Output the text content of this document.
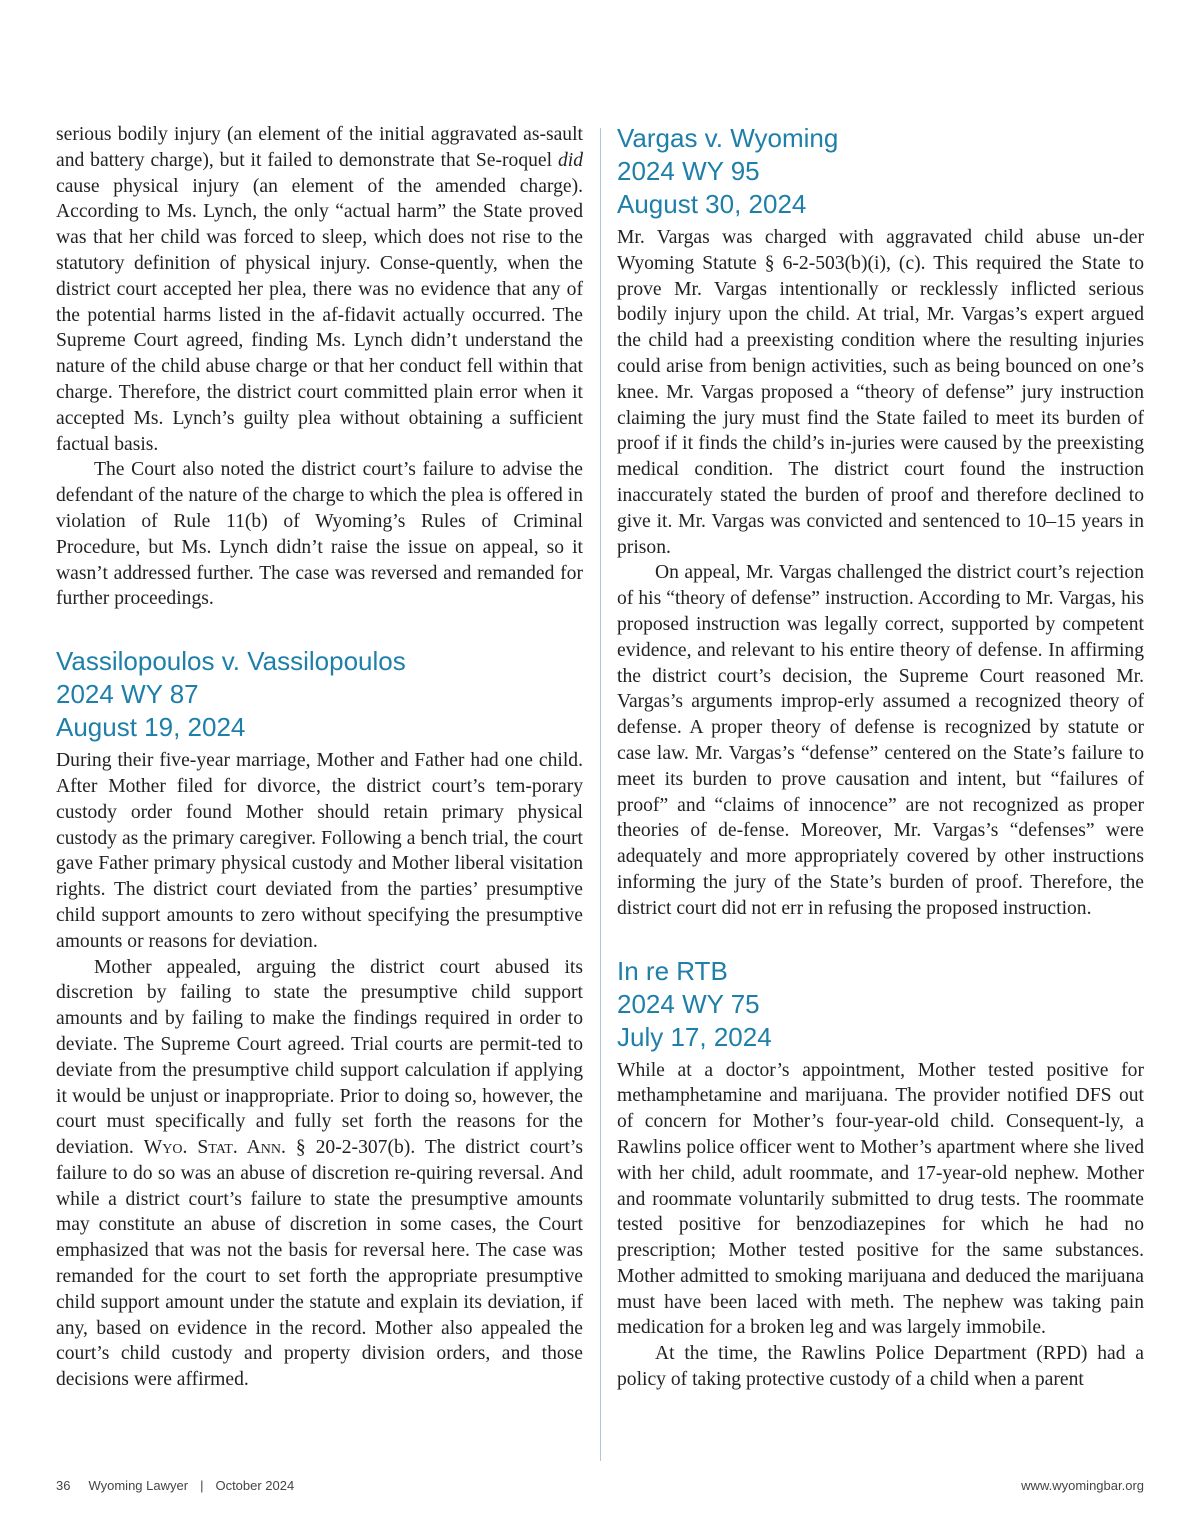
serious bodily injury (an element of the initial aggravated as-sault and battery charge), but it failed to demonstrate that Se-roquel did cause physical injury (an element of the amended charge). According to Ms. Lynch, the only “actual harm” the State proved was that her child was forced to sleep, which does not rise to the statutory definition of physical injury. Conse-quently, when the district court accepted her plea, there was no evidence that any of the potential harms listed in the af-fidavit actually occurred. The Supreme Court agreed, finding Ms. Lynch didn’t understand the nature of the child abuse charge or that her conduct fell within that charge. Therefore, the district court committed plain error when it accepted Ms. Lynch’s guilty plea without obtaining a sufficient factual basis.

The Court also noted the district court’s failure to advise the defendant of the nature of the charge to which the plea is offered in violation of Rule 11(b) of Wyoming’s Rules of Criminal Procedure, but Ms. Lynch didn’t raise the issue on appeal, so it wasn’t addressed further. The case was reversed and remanded for further proceedings.

Vassilopoulos v. Vassilopoulos
2024 WY 87
August 19, 2024

During their five-year marriage, Mother and Father had one child. After Mother filed for divorce, the district court’s tem-porary custody order found Mother should retain primary physical custody as the primary caregiver. Following a bench trial, the court gave Father primary physical custody and Mother liberal visitation rights. The district court deviated from the parties’ presumptive child support amounts to zero without specifying the presumptive amounts or reasons for deviation.

Mother appealed, arguing the district court abused its discretion by failing to state the presumptive child support amounts and by failing to make the findings required in order to deviate. The Supreme Court agreed. Trial courts are permit-ted to deviate from the presumptive child support calculation if applying it would be unjust or inappropriate. Prior to doing so, however, the court must specifically and fully set forth the reasons for the deviation. Wyo. Stat. Ann. § 20-2-307(b). The district court’s failure to do so was an abuse of discretion re-quiring reversal. And while a district court’s failure to state the presumptive amounts may constitute an abuse of discretion in some cases, the Court emphasized that was not the basis for reversal here. The case was remanded for the court to set forth the appropriate presumptive child support amount under the statute and explain its deviation, if any, based on evidence in the record. Mother also appealed the court’s child custody and property division orders, and those decisions were affirmed.

Vargas v. Wyoming
2024 WY 95
August 30, 2024

Mr. Vargas was charged with aggravated child abuse un-der Wyoming Statute § 6-2-503(b)(i), (c). This required the State to prove Mr. Vargas intentionally or recklessly inflicted serious bodily injury upon the child. At trial, Mr. Vargas’s expert argued the child had a preexisting condition where the resulting injuries could arise from benign activities, such as being bounced on one’s knee. Mr. Vargas proposed a “theory of defense” jury instruction claiming the jury must find the State failed to meet its burden of proof if it finds the child’s in-juries were caused by the preexisting medical condition. The district court found the instruction inaccurately stated the burden of proof and therefore declined to give it. Mr. Vargas was convicted and sentenced to 10–15 years in prison.

On appeal, Mr. Vargas challenged the district court’s rejection of his “theory of defense” instruction. According to Mr. Vargas, his proposed instruction was legally correct, supported by competent evidence, and relevant to his entire theory of defense. In affirming the district court’s decision, the Supreme Court reasoned Mr. Vargas’s arguments improp-erly assumed a recognized theory of defense. A proper theory of defense is recognized by statute or case law. Mr. Vargas’s “defense” centered on the State’s failure to meet its burden to prove causation and intent, but “failures of proof” and “claims of innocence” are not recognized as proper theories of de-fense. Moreover, Mr. Vargas’s “defenses” were adequately and more appropriately covered by other instructions informing the jury of the State’s burden of proof. Therefore, the district court did not err in refusing the proposed instruction.

In re RTB
2024 WY 75
July 17, 2024

While at a doctor’s appointment, Mother tested positive for methamphetamine and marijuana. The provider notified DFS out of concern for Mother’s four-year-old child. Consequent-ly, a Rawlins police officer went to Mother’s apartment where she lived with her child, adult roommate, and 17-year-old nephew. Mother and roommate voluntarily submitted to drug tests. The roommate tested positive for benzodiazepines for which he had no prescription; Mother tested positive for the same substances. Mother admitted to smoking marijuana and deduced the marijuana must have been laced with meth. The nephew was taking pain medication for a broken leg and was largely immobile.

At the time, the Rawlins Police Department (RPD) had a policy of taking protective custody of a child when a parent

36 Wyoming Lawyer | October 2024	www.wyomingbar.org
